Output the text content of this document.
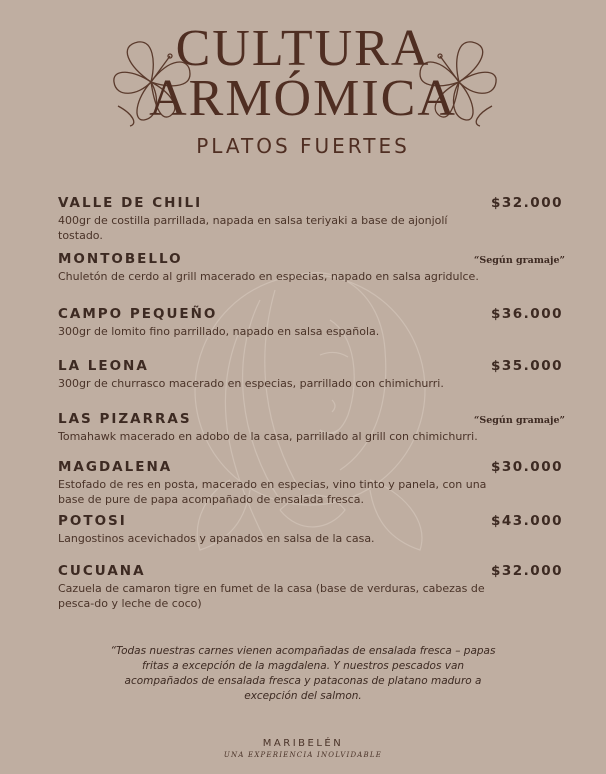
CULTURA
ARMÓMICA
PLATOS FUERTES
VALLE DE CHILI	$32.000
400gr de costilla parrillada, napada en salsa teriyaki a base de ajonjolí tostado.
MONTOBELLO	“Según gramaje”
Chuletón de cerdo al grill macerado en especias, napado en salsa agridulce.
CAMPO PEQUEÑO	$36.000
300gr de lomito fino parrillado, napado en salsa española.
LA LEONA	$35.000
300gr de churrasco macerado en especias, parrillado con chimichurri.
LAS PIZARRAS	“Según gramaje”
Tomahawk macerado en adobo de la casa, parrillado al grill con chimichurri.
MAGDALENA	$30.000
Estofado de res en posta, macerado en especias, vino tinto y panela, con una base de pure de papa acompañado de ensalada fresca.
POTOSI	$43.000
Langostinos acevichados y apanados en salsa de la casa.
CUCUANA	$32.000
Cazuela de camaron tigre en fumet de la casa (base de verduras, cabezas de pesca-do y leche de coco)
“Todas nuestras carnes vienen acompañadas de ensalada fresca – papas fritas a excepción de la magdalena. Y nuestros pescados van acompañados de ensalada fresca y pataconas de platano maduro a excepción del salmon.
MARIBELÉN
UNA EXPERIENCIA INOLVIDABLE
